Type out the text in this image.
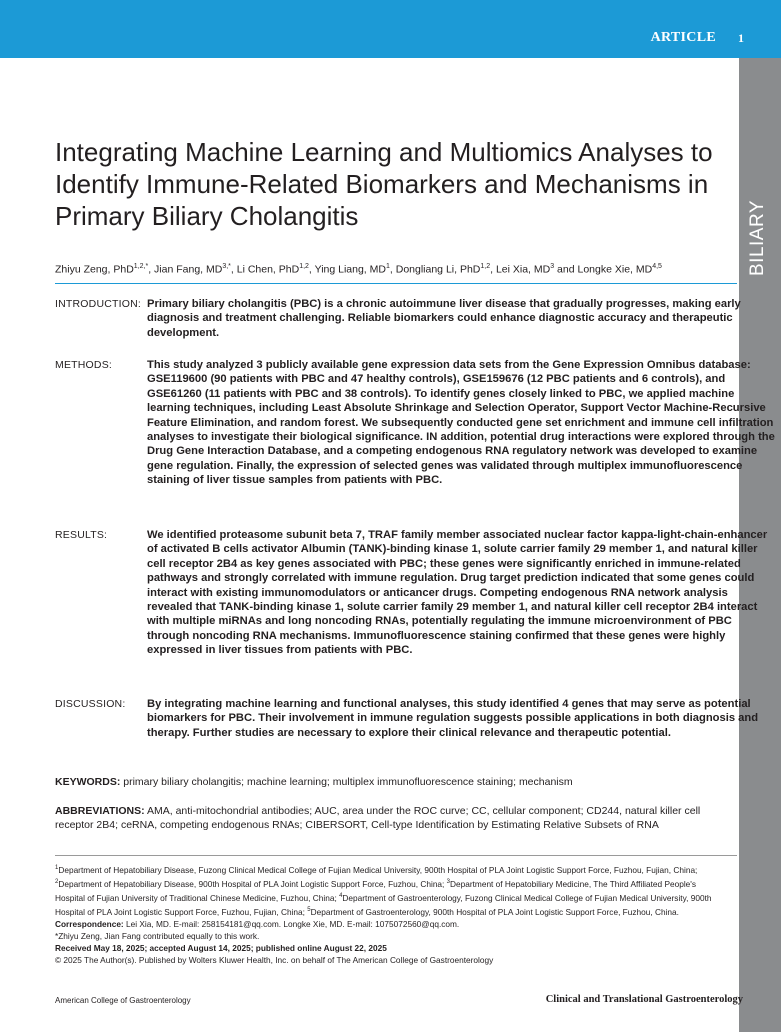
ARTICLE 1
BILIARY
Integrating Machine Learning and Multiomics Analyses to Identify Immune-Related Biomarkers and Mechanisms in Primary Biliary Cholangitis
Zhiyu Zeng, PhD$^{1,2,*}$, Jian Fang, $MD^{3,*}$, Li Chen, PhD$^{1,2}$, Ying Liang, $MD^1$, Dongliang Li, PhD$^{1,2}$, Lei Xia, $MD^3$ and Longke Xie, MD$^{4,5}$
INTRODUCTION: Primary biliary cholangitis (PBC) is a chronic autoimmune liver disease that gradually progresses, making early diagnosis and treatment challenging. Reliable biomarkers could enhance diagnostic accuracy and therapeutic development.
METHODS:	This study analyzed 3 publicly available gene expression data sets from the Gene Expression Omnibus database: GSE119600 (90 patients with PBC and 47 healthy controls), GSE159676 (12 PBC patients and 6 controls), and GSE61260 (11 patients with PBC and 38 controls). To identify genes closely linked to PBC, we applied machine learning techniques, including Least Absolute Shrinkage and Selection Operator, Support Vector Machine-Recursive Feature Elimination, and random forest. We subsequently conducted gene set enrichment and immune cell infiltration analyses to investigate their biological significance. IN addition, potential drug interactions were explored through the Drug Gene Interaction Database, and a competing endogenous RNA regulatory network was developed to examine gene regulation. Finally, the expression of selected genes was validated through multiplex immunofluorescence staining of liver tissue samples from patients with PBC.
RESULTS:	We identified proteasome subunit beta 7, TRAF family member associated nuclear factor kappa-light-chain-enhancer of activated B cells activator Albumin (TANK)-binding kinase 1, solute carrier family 29 member 1, and natural killer cell receptor 2B4 as key genes associated with PBC; these genes were significantly enriched in immune-related pathways and strongly correlated with immune regulation. Drug target prediction indicated that some genes could interact with existing immunomodulators or anticancer drugs. Competing endogenous RNA network analysis revealed that TANK-binding kinase 1, solute carrier family 29 member 1, and natural killer cell receptor 2B4 interact with multiple miRNAs and long noncoding RNAs, potentially regulating the immune microenvironment of PBC through noncoding RNA mechanisms. Immunofluorescence staining confirmed that these genes were highly expressed in liver tissues from patients with PBC.
DISCUSSION:	By integrating machine learning and functional analyses, this study identified 4 genes that may serve as potential biomarkers for PBC. Their involvement in immune regulation suggests possible applications in both diagnosis and therapy. Further studies are necessary to explore their clinical relevance and therapeutic potential.
KEYWORDS: primary biliary cholangitis; machine learning; multiplex immunofluorescence staining; mechanism
ABBREVIATIONS: AMA, anti-mitochondrial antibodies; AUC, area under the ROC curve; CC, cellular component; CD244, natural killer cell receptor 2B4; ceRNA, competing endogenous RNAs; CIBERSORT, Cell-type Identification by Estimating Relative Subsets of RNA

$^1$Department of Hepatobiliary Disease, Fuzong Clinical Medical College of Fujian Medical University, 900th Hospital of PLA Joint Logistic Support Force, Fuzhou, Fujian, China; $^2$Department of Hepatobiliary Disease, 900th Hospital of PLA Joint Logistic Support Force, Fuzhou, China; $^3$Department of Hepatobiliary Medicine, The Third Affiliated People's Hospital of Fujian University of Traditional Chinese Medicine, Fuzhou, China; $^4$Department of Gastroenterology, Fuzong Clinical Medical College of Fujian Medical University, 900th Hospital of PLA Joint Logistic Support Force, Fuzhou, Fujian, China; $^5$Department of Gastroenterology, 900th Hospital of PLA Joint Logistic Support Force, Fuzhou, China. Correspondence: Lei Xia, MD. E-mail: 258154181@qq.com. Longke Xie, MD. E-mail: 1075072560@qq.com.

*Zhiyu Zeng, Jian Fang contributed equally to this work.

Received May 18, 2025; accepted August 14, 2025; published online August 22, 2025

© 2025 The Author(s). Published by Wolters Kluwer Health, Inc. on behalf of The American College of Gastroenterology

American College of Gastroenterology	Clinical and Translational Gastroenterology
